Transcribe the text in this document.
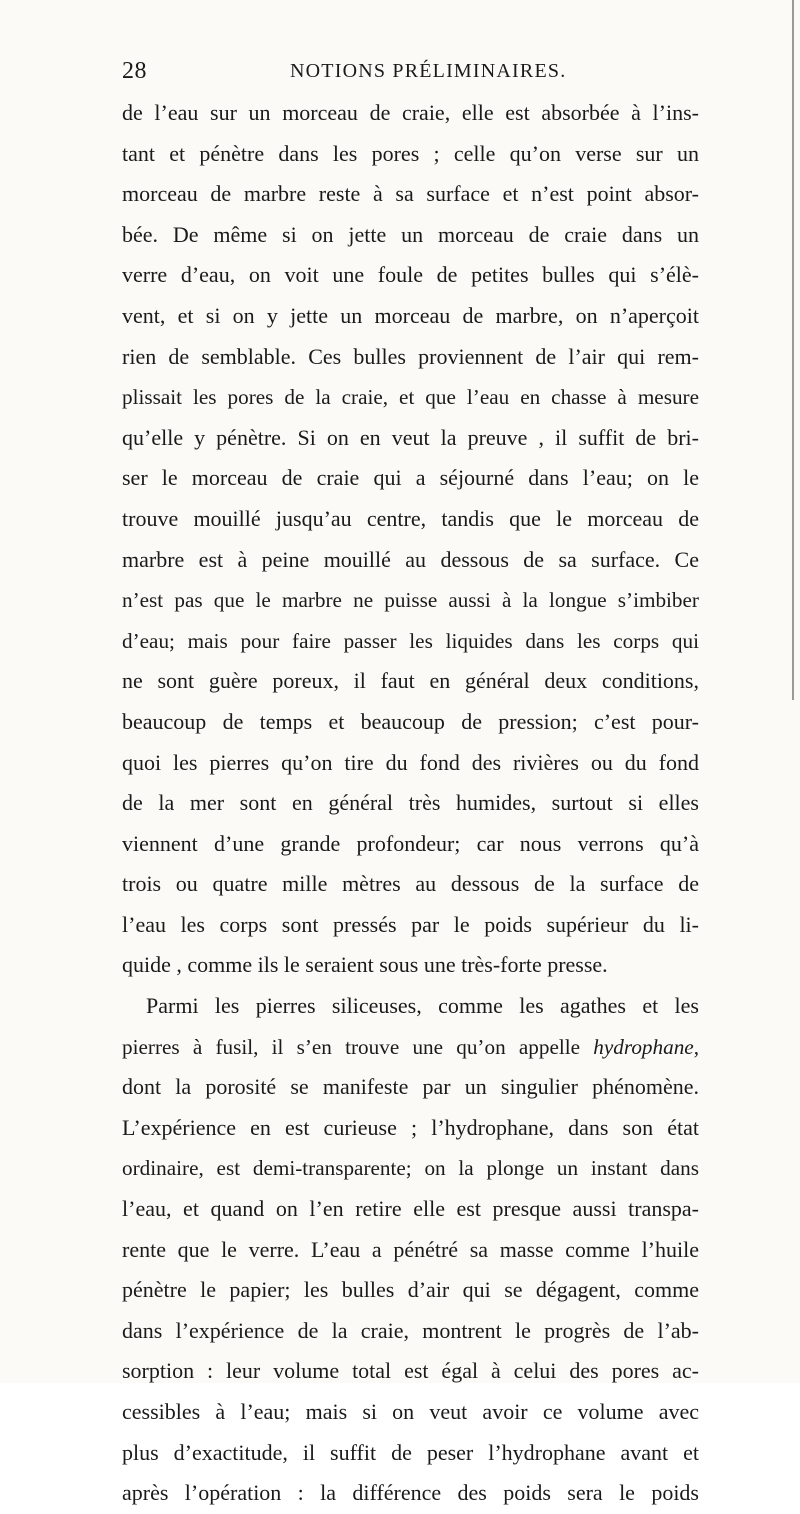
28	NOTIONS PRÉLIMINAIRES.
de l’eau sur un morceau de craie, elle est absorbée à l’ins-
tant et pénètre dans les pores ; celle qu’on verse sur un
morceau de marbre reste à sa surface et n’est point absor-
bée. De même si on jette un morceau de craie dans un
verre d’eau, on voit une foule de petites bulles qui s’élè-
vent, et si on y jette un morceau de marbre, on n’aperçoit
rien de semblable. Ces bulles proviennent de l’air qui rem-
plissait les pores de la craie, et que l’eau en chasse à mesure
qu’elle y pénètre. Si on en veut la preuve , il suffit de bri-
ser le morceau de craie qui a séjourné dans l’eau; on le
trouve mouillé jusqu’au centre, tandis que le morceau de
marbre est à peine mouillé au dessous de sa surface. Ce
n’est pas que le marbre ne puisse aussi à la longue s’imbiber
d’eau; mais pour faire passer les liquides dans les corps qui
ne sont guère poreux, il faut en général deux conditions,
beaucoup de temps et beaucoup de pression; c’est pour-
quoi les pierres qu’on tire du fond des rivières ou du fond
de la mer sont en général très humides, surtout si elles
viennent d’une grande profondeur; car nous verrons qu’à
trois ou quatre mille mètres au dessous de la surface de
l’eau les corps sont pressés par le poids supérieur du li-
quide , comme ils le seraient sous une très-forte presse.
Parmi les pierres siliceuses, comme les agathes et les
pierres à fusil, il s’en trouve une qu’on appelle hydrophane,
dont la porosité se manifeste par un singulier phénomène.
L’expérience en est curieuse ; l’hydrophane, dans son état
ordinaire, est demi-transparente; on la plonge un instant dans
l’eau, et quand on l’en retire elle est presque aussi transpa-
rente que le verre. L’eau a pénétré sa masse comme l’huile
pénètre le papier; les bulles d’air qui se dégagent, comme
dans l’expérience de la craie, montrent le progrès de l’ab-
sorption : leur volume total est égal à celui des pores ac-
cessibles à l’eau; mais si on veut avoir ce volume avec
plus d’exactitude, il suffit de peser l’hydrophane avant et
après l’opération : la différence des poids sera le poids
